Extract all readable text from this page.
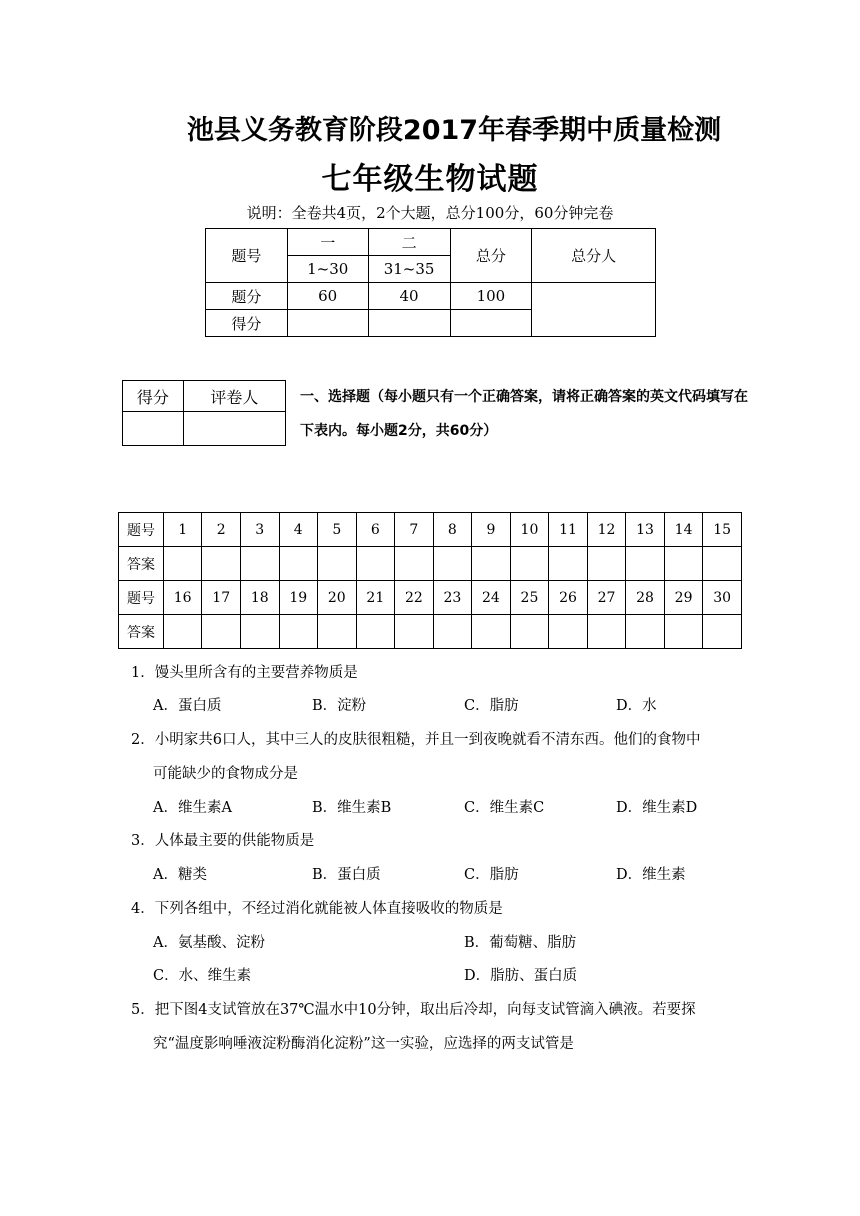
池县义务教育阶段2017年春季期中质量检测
七年级生物试题
说明：全卷共4页，2个大题，总分100分，60分钟完卷
题号	一	二	总分	总分人
	1~30	31~35		
题分	60	40	100	
得分				
得分	评卷人
		一、选择题（每小题只有一个正确答案，请将正确答案的英文代码填写在下表内。每小题2分，共60分）
题号	1	2	3	4	5	6	7	8	9	10	11	12	13	14	15
答案															
题号	16	17	18	19	20	21	22	23	24	25	26	27	28	29	30
答案															
1．馒头里所含有的主要营养物质是
A．蛋白质	B．淀粉	C．脂肪	D．水
2．小明家共6口人，其中三人的皮肤很粗糙，并且一到夜晚就看不清东西。他们的食物中
可能缺少的食物成分是
A．维生素A	B．维生素B	C．维生素C	D．维生素D
3．人体最主要的供能物质是
A．糖类	B．蛋白质	C．脂肪	D．维生素
4．下列各组中，不经过消化就能被人体直接吸收的物质是
A．氨基酸、淀粉	B．葡萄糖、脂肪
C．水、维生素	D．脂肪、蛋白质
5．把下图4支试管放在37℃温水中10分钟，取出后冷却，向每支试管滴入碘液。若要探
究“温度影响唾液淀粉酶消化淀粉”这一实验，应选择的两支试管是
